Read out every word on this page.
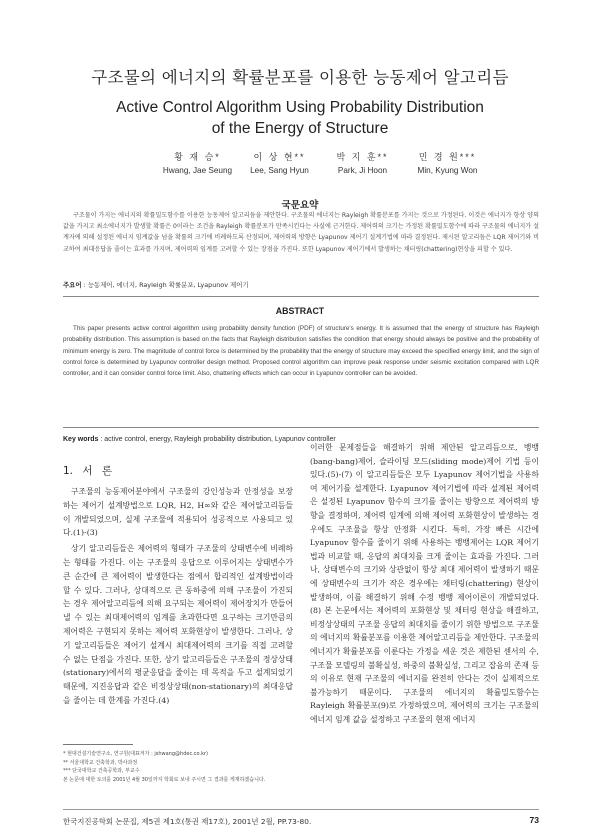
구조물의 에너지의 확률분포를 이용한 능동제어 알고리듬
Active Control Algorithm Using Probability Distribution
of the Energy of Structure
황 재 승*
Hwang, Jae Seung
이 상 현**
Lee, Sang Hyun
박 지 훈**
Park, Ji Hoon
민 경 원***
Min, Kyung Won
국문요약
구조물이 가지는 에너지의 확률밀도함수를 이용한 능동제어 알고리듬을 제안한다. 구조물의 에너지는 Rayleigh 확률분포를 가지는 것으로 가정된다. 이것은 에너지가 항상 양의 값을 가지고 최소에너지가 발생할 확률은 0이라는 조건을 Rayleigh 확률분포가 만족시킨다는 사실에 근거한다. 제어력의 크기는 가정된 확률밀도함수에 따라 구조물의 에너지가 설계자에 의해 설정된 에너지 임계값을 넘을 확률의 크기에 비례하도록 산정되며, 제어력의 방향은 Lyapunov 제어기 설계기법에 따라 결정된다. 제시된 알고리듬은 LQR 제어기와 비교하여 최대응답을 줄이는 효과를 가지며, 제어력의 임계를 고려할 수 있는 장점을 가진다. 또한 Lyapunov 제어기에서 발생하는 채터링(chattering)현상을 피할 수 있다.
주요어 : 능동제어, 에너지, Rayleigh 확률분포, Lyapunov 제어기
ABSTRACT
This paper presents active control algorithm using probability density function (PDF) of structure's energy. It is assumed that the energy of structure has Rayleigh probability distribution. This assumption is based on the facts that Rayleigh distribution satisfies the condition that energy should always be positive and the probability of minimum energy is zero. The magnitude of control force is determined by the probability that the energy of structure may exceed the specified energy limit, and the sign of control force is determined by Lyapunov controller design method. Proposed control algorithm can improve peak response under seismic excitation compared with LQR controller, and it can consider control force limit. Also, chattering effects which can occur in Lyapunov controller can be avoided.
Key words : active control, energy, Rayleigh probability distribution, Lyapunov controller
1. 서 론

구조물의 능동제어분야에서 구조물의 강인성능과 안정성을 보장하는 제어기 설계방법으로 LQR, H2, H∞와 같은 제어알고리듬들이 개발되었으며, 실제 구조물에 적용되어 성공적으로 사용되고 있다.(1)-(3)

상기 알고리듬들은 제어력의 형태가 구조물의 상태변수에 비례하는 형태를 가진다. 이는 구조물의 응답으로 이루어지는 상태변수가 큰 순간에 큰 제어력이 발생한다는 점에서 합리적인 설계방법이라 할 수 있다. 그러나, 상대적으로 큰 동하중에 의해 구조물이 가진되는 경우 제어알고리듬에 의해 요구되는 제어력이 제어장치가 만들어낼 수 있는 최대제어력의 임계를 초과한다면 요구하는 크기만큼의 제어력은 구현되지 못하는 제어력 포화현상이 발생한다. 그러나, 상기 알고리듬들은 제어기 설계시 최대제어력의 크기를 직접 고려할 수 없는 단점을 가진다. 또한, 상기 알고리듬들은 구조물의 정상상태(stationary)에서의 평균응답을 줄이는 데 목적을 두고 설계되었기 때문에, 지진응답과 같은 비정상상태(non-stationary)의 최대응답을 줄이는 데 한계를 가진다.(4)

이러한 문제점들을 해결하기 위해 제안된 알고리듬으로, 뱅뱅(bang-bang)제어, 슬라이딩 모드(sliding mode)제어 기법 등이 있다.(5)-(7) 이 알고리듬들은 모두 Lyapunov 제어기법을 사용하여 제어기를 설계한다. Lyapunov 제어기법에 따라 설계된 제어력은 설정된 Lyapunov 함수의 크기를 줄이는 방향으로 제어력의 방향을 결정하며, 제어력 임계에 의해 제어력 포화현상이 발생하는 경우에도 구조물을 항상 안정화 시킨다. 특히, 가장 빠른 시간에 Lyapunov 함수를 줄이기 위해 사용하는 뱅뱅제어는 LQR 제어기법과 비교할 때, 응답의 최대치를 크게 줄이는 효과를 가진다. 그러나, 상태변수의 크기와 상관없이 항상 최대 제어력이 발생하기 때문에 상태변수의 크기가 작은 경우에는 채터링(chattering) 현상이 발생하며, 이를 해결하기 위해 수정 뱅뱅 제어이론이 개발되었다.(8) 본 논문에서는 제어력의 포화현상 및 채터링 현상을 해결하고, 비정상상태의 구조물 응답의 최대치를 줄이기 위한 방법으로 구조물의 에너지의 확률분포를 이용한 제어알고리듬을 제안한다. 구조물의 에너지가 확률분포를 이룬다는 가정을 세운 것은 제한된 센서의 수, 구조물 모델링의 불확실성, 하중의 불확실성, 그리고 잡음의 존재 등의 이유로 현재 구조물의 에너지를 완전히 안다는 것이 실제적으로 불가능하기 때문이다. 구조물의 에너지의 확률밀도함수는 Rayleigh 확률분포(9)로 가정하였으며, 제어력의 크기는 구조물의 에너지 임계 값을 설정하고 구조물의 현재 에너지

* 현대건설기술연구소, 연구원(대표저자 : jshwang@hdec.co.kr)
** 서울대학교 건축학과, 박사과정
*** 단국대학교 건축공학과, 부교수
본 논문에 대한 토의를 2001년 4월 30일까지 학회로 보내 주시면 그 결과를 게재하겠습니다.
한국지진공학회 논문집, 제5권 제1호(통권 제17호), 2001년 2월, PP.73-80.	73
